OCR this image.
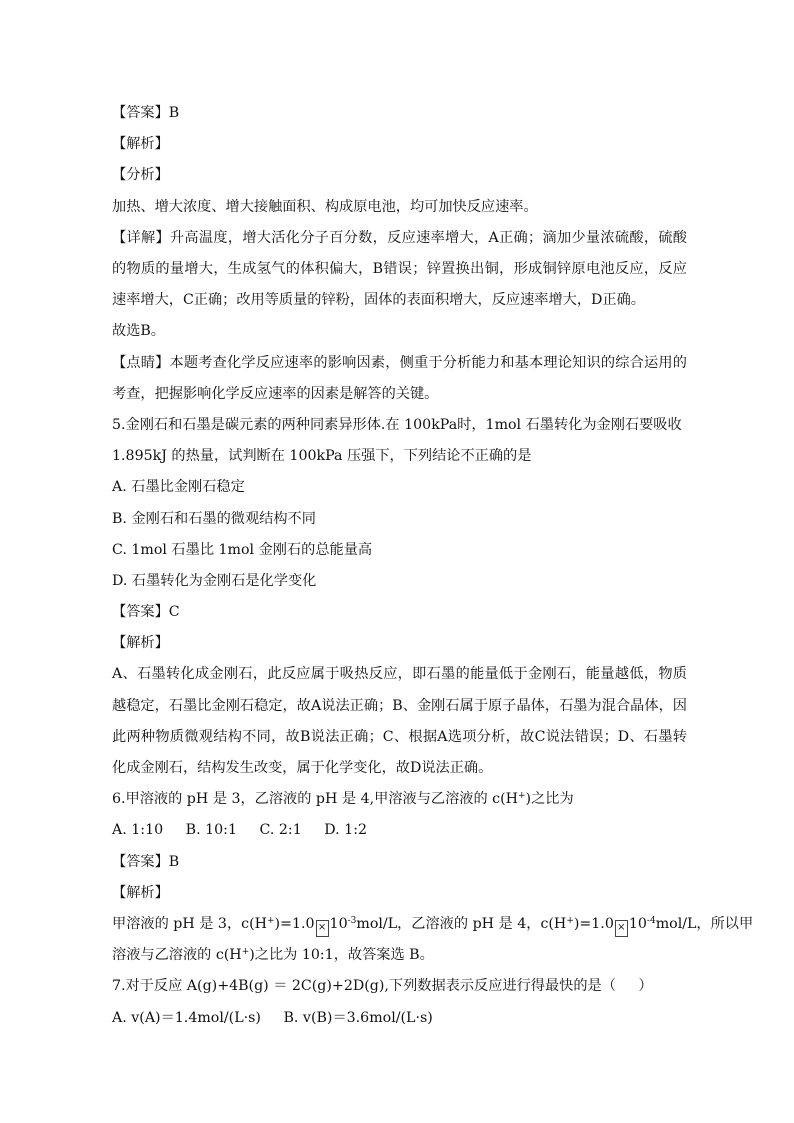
【答案】B
【解析】
【分析】
加热、增大浓度、增大接触面积、构成原电池，均可加快反应速率。
【详解】升高温度，增大活化分子百分数，反应速率增大，A正确；滴加少量浓硫酸，硫酸的物质的量增大，生成氢气的体积偏大，B错误；锌置换出铜，形成铜锌原电池反应，反应速率增大，C正确；改用等质量的锌粉，固体的表面积增大，反应速率增大，D正确。
故选B。
【点睛】本题考查化学反应速率的影响因素，侧重于分析能力和基本理论知识的综合运用的考查，把握影响化学反应速率的因素是解答的关键。
5.金刚石和石墨是碳元素的两种同素异形体.在 100kPa时，1mol 石墨转化为金刚石要吸收
1.895kJ 的热量，试判断在 100kPa 压强下，下列结论不正确的是
A. 石墨比金刚石稳定
B. 金刚石和石墨的微观结构不同
C. 1mol 石墨比 1mol 金刚石的总能量高
D. 石墨转化为金刚石是化学变化
【答案】C
【解析】
A、石墨转化成金刚石，此反应属于吸热反应，即石墨的能量低于金刚石，能量越低，物质越稳定，石墨比金刚石稳定，故A说法正确；B、金刚石属于原子晶体，石墨为混合晶体，因此两种物质微观结构不同，故B说法正确；C、根据A选项分析，故C说法错误；D、石墨转化成金刚石，结构发生改变，属于化学变化，故D说法正确。
6.甲溶液的 pH 是 3，乙溶液的 pH 是 4,甲溶液与乙溶液的 c(H+)之比为
A. 1:10     B. 10:1     C. 2:1     D. 1:2
【答案】B
【解析】
甲溶液的 pH 是 3，$c(H^+)=1.0 \times 10^{-3}mol/L$，乙溶液的 pH 是 4，$c(H^+)=1.0 \times 10^{-4}mol/L$，所以甲
溶液与乙溶液的 c(H+)之比为 10:1，故答案选 B。
7.对于反应 A(g)+4B(g) ＝ 2C(g)+2D(g),下列数据表示反应进行得最快的是（     ）
A. v(A)＝1.4mol/(L·s)     B. v(B)＝3.6mol/(L·s)
